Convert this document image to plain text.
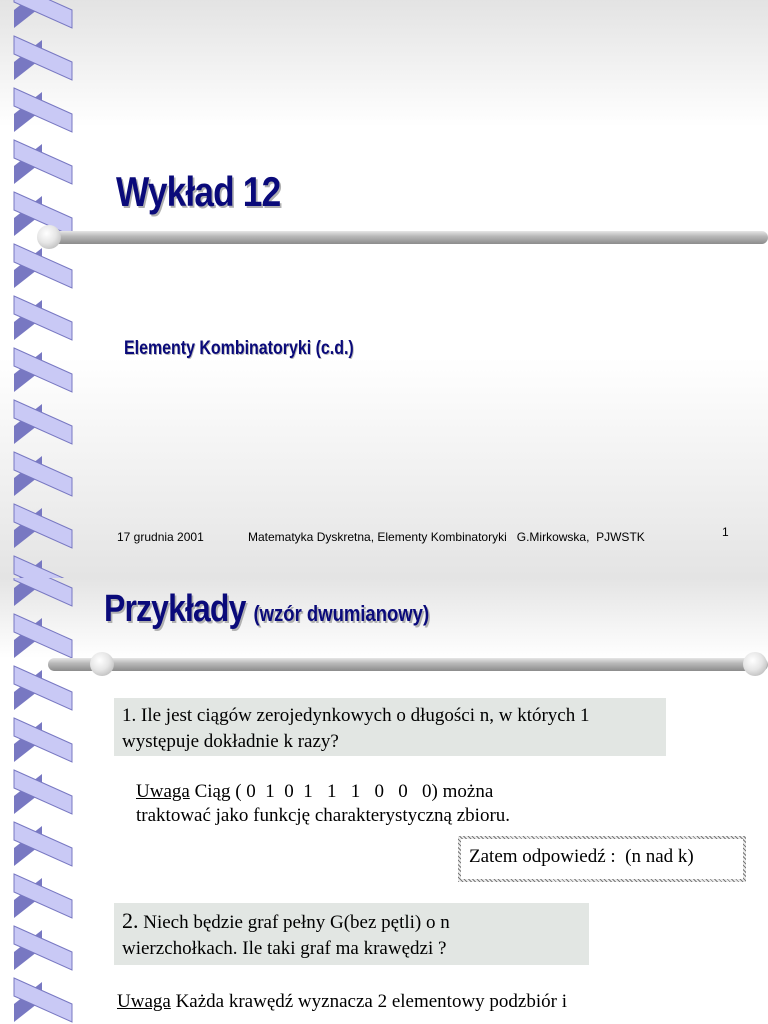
Wykład 12
Elementy Kombinatoryki (c.d.)
17 grudnia 2001	Matematyka Dyskretna, Elementy Kombinatoryki   G.Mirkowska,  PJWSTK	1
Przykłady (wzór dwumianowy)
1. Ile jest ciągów zerojedynkowych o długości n, w których 1
występuje dokładnie k razy?
Uwaga Ciąg ( 0  1  0  1   1   1   0   0   0) można
traktować jako funkcję charakterystyczną zbioru.
Zatem odpowiedź :  (n nad k)
2. Niech będzie graf pełny G(bez pętli) o n
wierzchołkach. Ile taki graf ma krawędzi ?
Uwaga Każda krawędź wyznacza 2 elementowy podzbiór i
